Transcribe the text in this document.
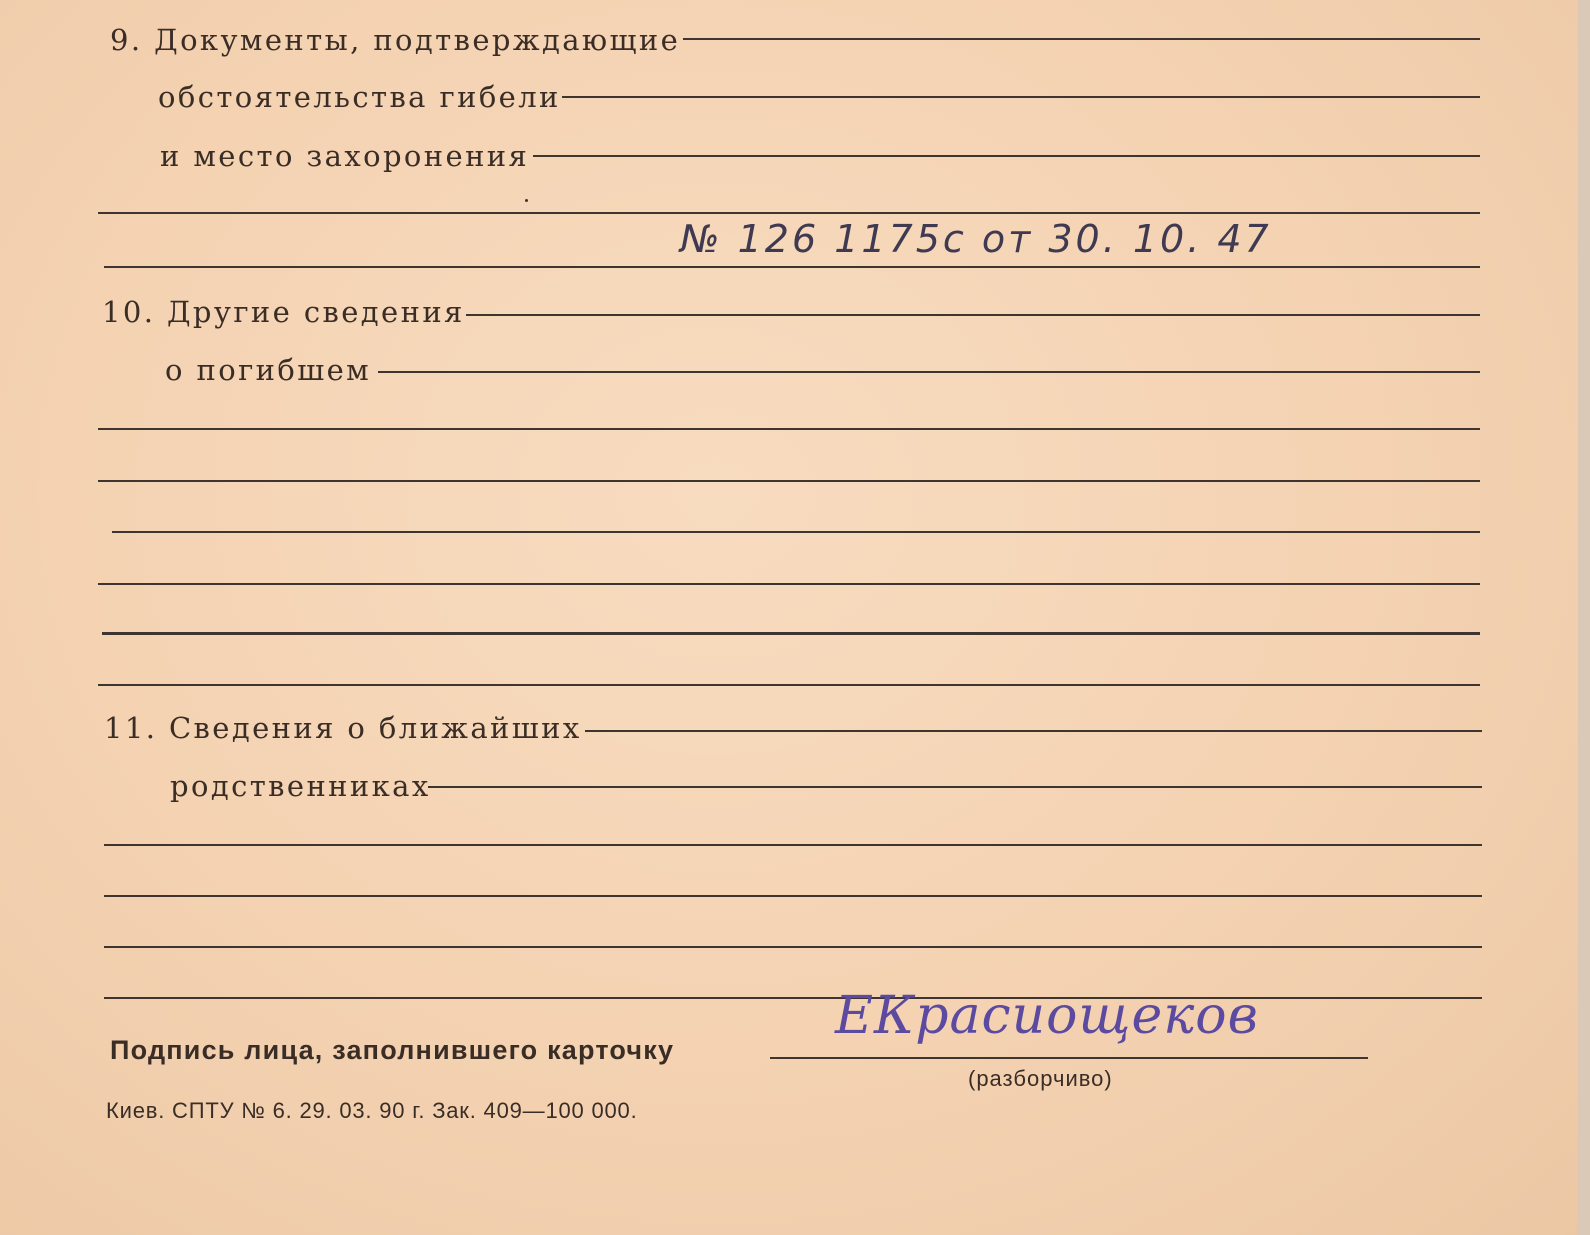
9. Документы, подтверждающие
обстоятельства гибели
и место захоронения
№ 126 1175с от 30. 10. 47
10. Другие сведения
о погибшем
11. Сведения о ближайших
родственниках
Подпись лица, заполнившего карточку
ЕКрасиощеков
(разборчиво)
Киев. СПТУ № 6. 29. 03. 90 г. Зак. 409—100 000.
